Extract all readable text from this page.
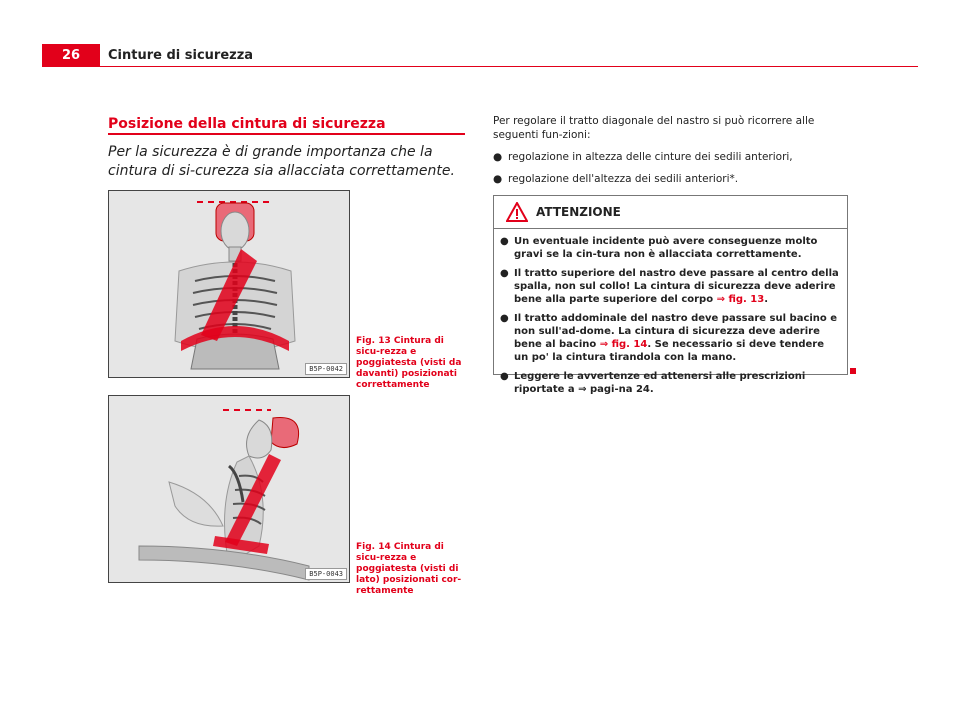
26	Cinture di sicurezza
Posizione della cintura di sicurezza
Per la sicurezza è di grande importanza che la cintura di si-curezza sia allacciata correttamente.
B5P-0042
Fig. 13 Cintura di sicu-rezza e poggiatesta (visti da davanti) posizionati correttamente
B5P-0043
Fig. 14 Cintura di sicu-rezza e poggiatesta (visti di lato) posizionati cor-rettamente

Per regolare il tratto diagonale del nastro si può ricorrere alle seguenti fun-zioni:

● regolazione in altezza delle cinture dei sedili anteriori,
● regolazione dell'altezza dei sedili anteriori*.
ATTENZIONE
● Un eventuale incidente può avere conseguenze molto gravi se la cin-tura non è allacciata correttamente.
● Il tratto superiore del nastro deve passare al centro della spalla, non sul collo! La cintura di sicurezza deve aderire bene alla parte superiore del corpo ⇒ fig. 13.
● Il tratto addominale del nastro deve passare sul bacino e non sull'ad-dome. La cintura di sicurezza deve aderire bene al bacino ⇒ fig. 14. Se necessario si deve tendere un po' la cintura tirandola con la mano.
● Leggere le avvertenze ed attenersi alle prescrizioni riportate a ⇒ pagi-na 24.
